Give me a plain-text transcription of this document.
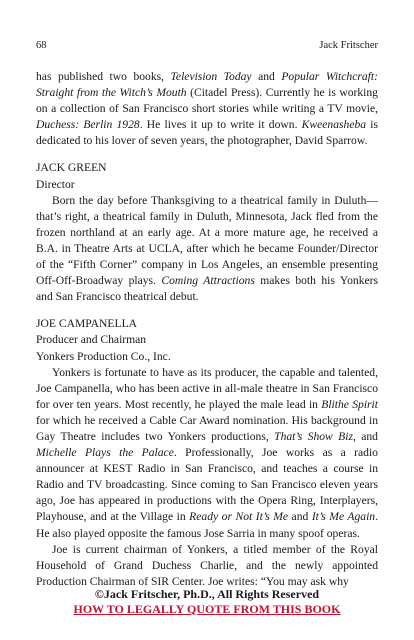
68	Jack Fritscher

has published two books, Television Today and Popular Witchcraft: Straight from the Witch’s Mouth (Citadel Press). Currently he is working on a collection of San Francisco short stories while writing a TV movie, Duchess: Berlin 1928. He lives it up to write it down. Kweenasheba is dedicated to his lover of seven years, the photographer, David Sparrow.

JACK GREEN

Director

Born the day before Thanksgiving to a theatrical family in Duluth—that’s right, a theatrical family in Duluth, Minnesota, Jack fled from the frozen northland at an early age. At a more mature age, he received a B.A. in Theatre Arts at UCLA, after which he became Founder/Director of the “Fifth Corner” company in Los Angeles, an ensemble presenting Off-Off-Broadway plays. Coming Attractions makes both his Yonkers and San Francisco theatrical debut.

JOE CAMPANELLA

Producer and Chairman

Yonkers Production Co., Inc.

Yonkers is fortunate to have as its producer, the capable and talented, Joe Campanella, who has been active in all-male theatre in San Francisco for over ten years. Most recently, he played the male lead in Blithe Spirit for which he received a Cable Car Award nomination. His background in Gay Theatre includes two Yonkers productions, That’s Show Biz, and Michelle Plays the Palace. Professionally, Joe works as a radio announcer at KEST Radio in San Francisco, and teaches a course in Radio and TV broadcasting. Since coming to San Francisco eleven years ago, Joe has appeared in productions with the Opera Ring, Interplayers, Playhouse, and at the Village in Ready or Not It’s Me and It’s Me Again. He also played opposite the famous Jose Sarria in many spoof operas.

Joe is current chairman of Yonkers, a titled member of the Royal Household of Grand Duchess Charlie, and the newly appointed Production Chairman of SIR Center. Joe writes: “You may ask why

©Jack Fritscher, Ph.D., All Rights Reserved
HOW TO LEGALLY QUOTE FROM THIS BOOK
